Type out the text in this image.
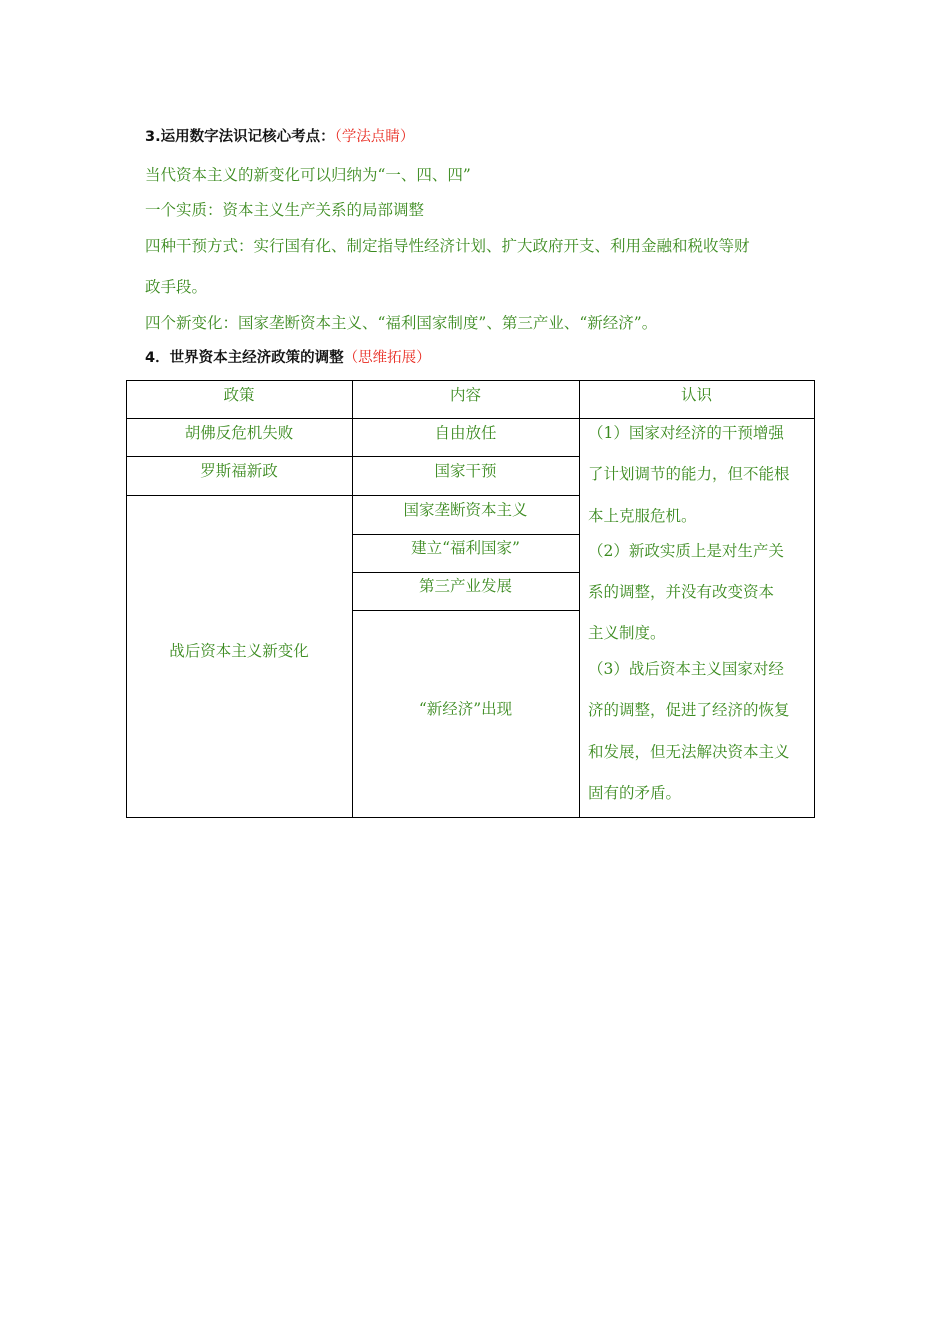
3.运用数字法识记核心考点：（学法点睛）
当代资本主义的新变化可以归纳为“一、四、四”
一个实质：资本主义生产关系的局部调整
四种干预方式：实行国有化、制定指导性经济计划、扩大政府开支、利用金融和税收等财
政手段。
四个新变化：国家垄断资本主义、“福利国家制度”、第三产业、“新经济”。
4．世界资本主经济政策的调整（思维拓展）
政策	内容	认识
胡佛反危机失败
罗斯福新政
战后资本主义新变化
自由放任
国家干预
国家垄断资本主义
建立“福利国家”
第三产业发展
“新经济”出现
（1）国家对经济的干预增强
了计划调节的能力，但不能根
本上克服危机。
（2）新政实质上是对生产关
系的调整，并没有改变资本
主义制度。
（3）战后资本主义国家对经
济的调整，促进了经济的恢复
和发展，但无法解决资本主义
固有的矛盾。
